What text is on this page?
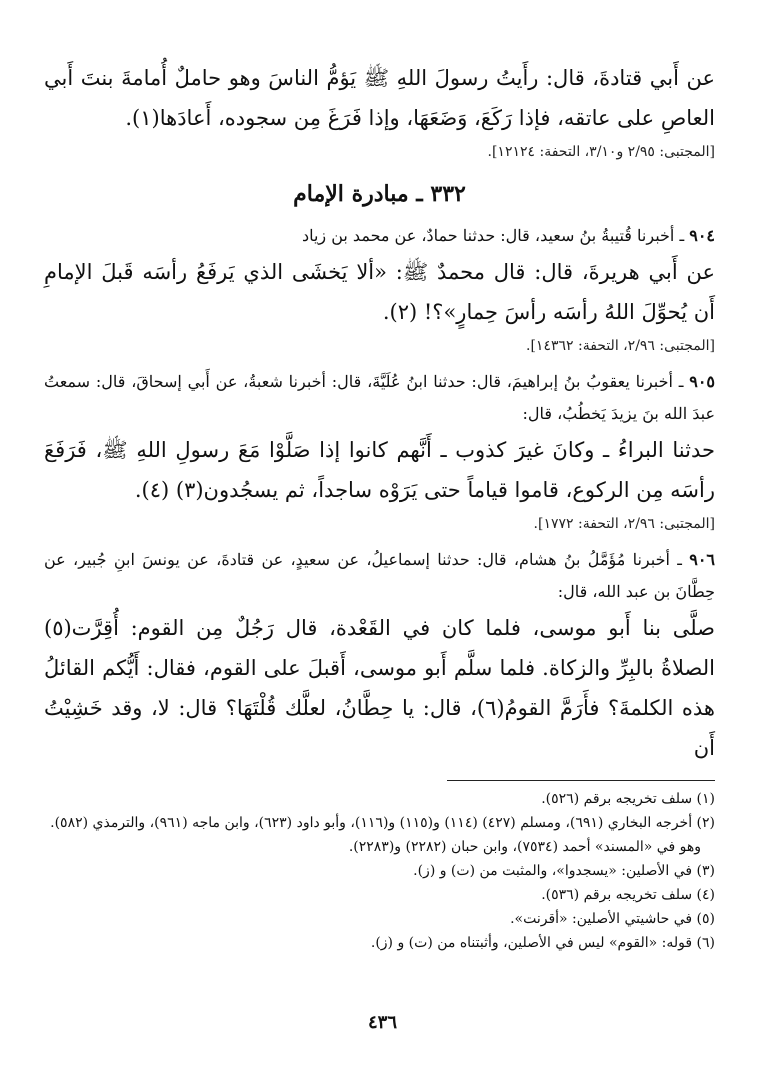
عن أَبي قتادةَ، قال: رأَيتُ رسولَ اللهِ ﷺ يَؤمُّ الناسَ وهو حاملٌ أُمامةَ بنتَ أَبي العاصِ على عاتقه، فإذا رَكَعَ، وَضَعَهَا، وإذا فَرَغَ مِن سجوده، أَعادَها(١).

[المجتبى: ٢/٩٥ و٣/١٠، التحفة: ١٢١٢٤].
٣٣٢ ـ مبادرة الإمام

٩٠٤ ـ أخبرنا قُتيبةُ بنُ سعيد، قال: حدثنا حمادٌ، عن محمد بن زياد

عن أَبي هريرةَ، قال: قال محمدٌ ﷺ: «ألا يَخشَى الذي يَرفَعُ رأسَه قَبلَ الإمامِ أَن يُحوِّلَ اللهُ رأسَه رأسَ حِمارٍ»؟! (٢).

[المجتبى: ٢/٩٦، التحفة: ١٤٣٦٢].

٩٠٥ ـ أخبرنا يعقوبُ بنُ إبراهيمَ، قال: حدثنا ابنُ عُلَيَّةَ، قال: أخبرنا شعبةُ، عن أَبي إسحاقَ، قال: سمعتُ عبدَ الله بنَ يزيدَ يَخطُبُ، قال:

حدثنا البراءُ ـ وكانَ غيرَ كذوب ـ أَنَّهم كانوا إذا صَلَّوْا مَعَ رسولِ اللهِ ﷺ، فَرَفَعَ رأسَه مِن الركوع، قاموا قياماً حتى يَرَوْه ساجداً، ثم يسجُدون(٣) (٤).

[المجتبى: ٢/٩٦، التحفة: ١٧٧٢].

٩٠٦ ـ أخبرنا مُؤَمَّلُ بنُ هشام، قال: حدثنا إسماعيلُ، عن سعيدٍ، عن قتادةَ، عن يونسَ ابنِ جُبير، عن حِطَّانَ بن عبد الله، قال:

صلَّى بنا أَبو موسى، فلما كان في القَعْدة، قال رَجُلٌ مِن القوم: أُقِرَّت(٥) الصلاةُ بالبِرِّ والزكاة. فلما سلَّم أَبو موسى، أَقبلَ على القوم، فقال: أَيُّكم القائلُ هذه الكلمةَ؟ فأَرَمَّ القومُ(٦)، قال: يا حِطَّانُ، لعلَّك قُلْتَهَا؟ قال: لا، وقد خَشِيْتُ أَن

(١) سلف تخريجه برقم (٥٢٦).

(٢) أخرجه البخاري (٦٩١)، ومسلم (٤٢٧) (١١٤) و(١١٥) و(١١٦)، وأبو داود (٦٢٣)، وابن ماجه (٩٦١)، والترمذي (٥٨٢).

وهو في «المسند» أحمد (٧٥٣٤)، وابن حبان (٢٢٨٢) و(٢٢٨٣).

(٣) في الأصلين: «يسجدوا»، والمثبت من (ت) و (ز).

(٤) سلف تخريجه برقم (٥٣٦).

(٥) في حاشيتي الأصلين: «أقرنت».

(٦) قوله: «القوم» ليس في الأصلين، وأثبتناه من (ت) و (ز).

٤٣٦
